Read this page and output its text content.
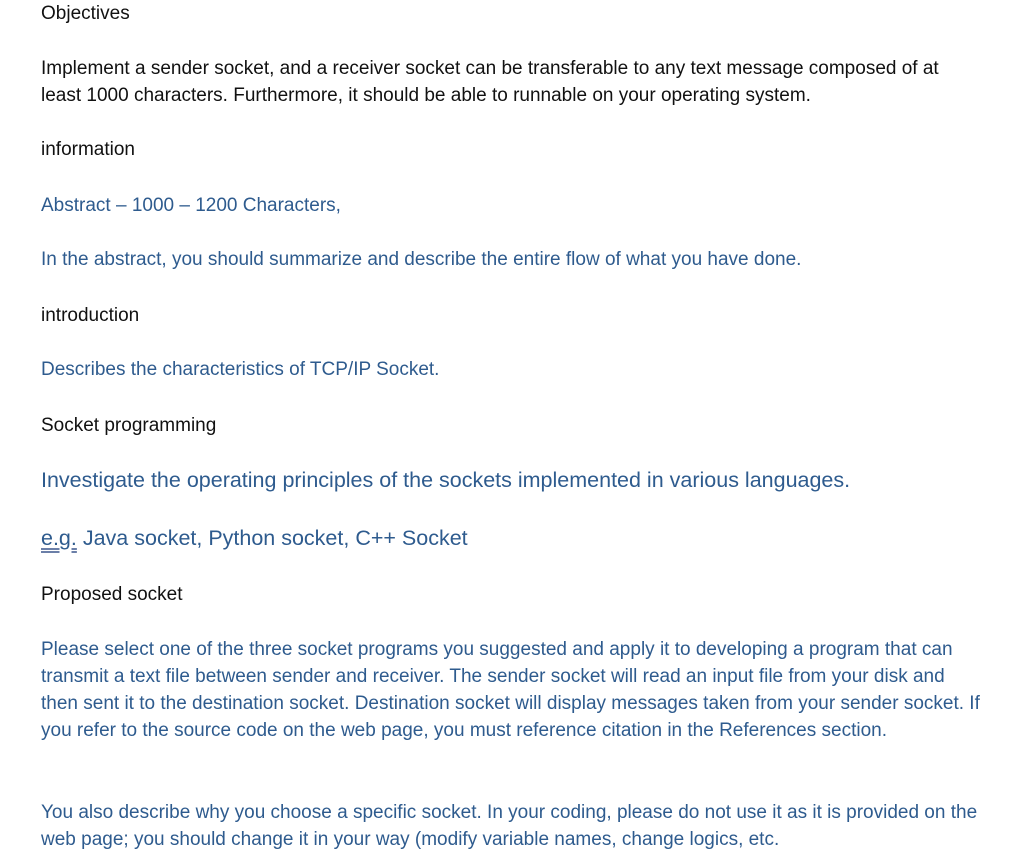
Objectives
Implement a sender socket, and a receiver socket can be transferable to any text message composed of at least 1000 characters. Furthermore, it should be able to runnable on your operating system.
information
Abstract – 1000 – 1200 Characters,
In the abstract, you should summarize and describe the entire flow of what you have done.
introduction
Describes the characteristics of TCP/IP Socket.
Socket programming
Investigate the operating principles of the sockets implemented in various languages.
e.g. Java socket, Python socket, C++ Socket
Proposed socket
Please select one of the three socket programs you suggested and apply it to developing a program that can transmit a text file between sender and receiver. The sender socket will read an input file from your disk and then sent it to the destination socket. Destination socket will display messages taken from your sender socket. If you refer to the source code on the web page, you must reference citation in the References section.
You also describe why you choose a specific socket. In your coding, please do not use it as it is provided on the web page; you should change it in your way (modify variable names, change logics, etc.
